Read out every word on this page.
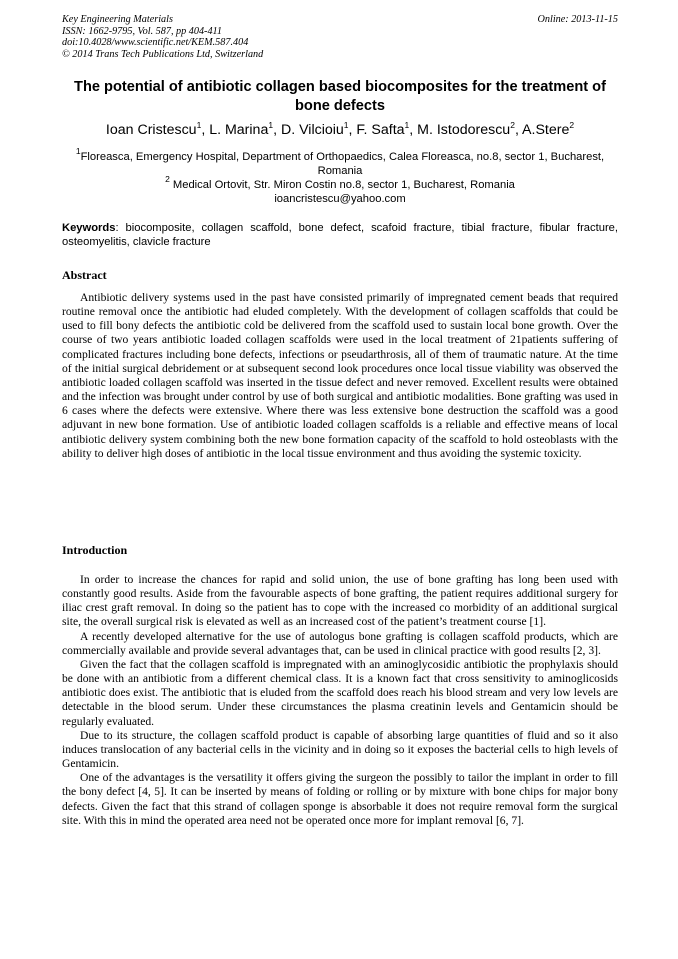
Key Engineering Materials
ISSN: 1662-9795, Vol. 587, pp 404-411
doi:10.4028/www.scientific.net/KEM.587.404
© 2014 Trans Tech Publications Ltd, Switzerland
Online: 2013-11-15
The potential of antibiotic collagen based biocomposites for the treatment of bone defects
Ioan Cristescu$^1$, L. Marina$^1$, D. Vilcioiu$^1$, F. Safta$^1$, M. Istodorescu$^2$, A.Stere$^2$
$^1$Floreasca, Emergency Hospital, Department of Orthopaedics, Calea Floreasca, no.8, sector 1, Bucharest, Romania
$^2$ Medical Ortovit, Str. Miron Costin no.8, sector 1, Bucharest, Romania
ioancristescu@yahoo.com
Keywords: biocomposite, collagen scaffold, bone defect, scafoid fracture, tibial fracture, fibular fracture, osteomyelitis, clavicle fracture
Abstract

Antibiotic delivery systems used in the past have consisted primarily of impregnated cement beads that required routine removal once the antibiotic had eluded completely. With the development of collagen scaffolds that could be used to fill bony defects the antibiotic cold be delivered from the scaffold used to sustain local bone growth. Over the course of two years antibiotic loaded collagen scaffolds were used in the local treatment of 21patients suffering of complicated fractures including bone defects, infections or pseudarthrosis, all of them of traumatic nature. At the time of the initial surgical debridement or at subsequent second look procedures once local tissue viability was observed the antibiotic loaded collagen scaffold was inserted in the tissue defect and never removed. Excellent results were obtained and the infection was brought under control by use of both surgical and antibiotic modalities. Bone grafting was used in 6 cases where the defects were extensive. Where there was less extensive bone destruction the scaffold was a good adjuvant in new bone formation. Use of antibiotic loaded collagen scaffolds is a reliable and effective means of local antibiotic delivery system combining both the new bone formation capacity of the scaffold to hold osteoblasts with the ability to deliver high doses of antibiotic in the local tissue environment and thus avoiding the systemic toxicity.

Introduction

In order to increase the chances for rapid and solid union, the use of bone grafting has long been used with constantly good results. Aside from the favourable aspects of bone grafting, the patient requires additional surgery for iliac crest graft removal. In doing so the patient has to cope with the increased co morbidity of an additional surgical site, the overall surgical risk is elevated as well as an increased cost of the patient’s treatment course [1].

A recently developed alternative for the use of autologus bone grafting is collagen scaffold products, which are commercially available and provide several advantages that, can be used in clinical practice with good results [2, 3].

Given the fact that the collagen scaffold is impregnated with an aminoglycosidic antibiotic the prophylaxis should be done with an antibiotic from a different chemical class. It is a known fact that cross sensitivity to aminoglicosids antibiotic does exist. The antibiotic that is eluded from the scaffold does reach his blood stream and very low levels are detectable in the blood serum. Under these circumstances the plasma creatinin levels and Gentamicin should be regularly evaluated.

Due to its structure, the collagen scaffold product is capable of absorbing large quantities of fluid and so it also induces translocation of any bacterial cells in the vicinity and in doing so it exposes the bacterial cells to high levels of Gentamicin.

One of the advantages is the versatility it offers giving the surgeon the possibly to tailor the implant in order to fill the bony defect [4, 5]. It can be inserted by means of folding or rolling or by mixture with bone chips for major bony defects. Given the fact that this strand of collagen sponge is absorbable it does not require removal form the surgical site. With this in mind the operated area need not be operated once more for implant removal [6, 7].
